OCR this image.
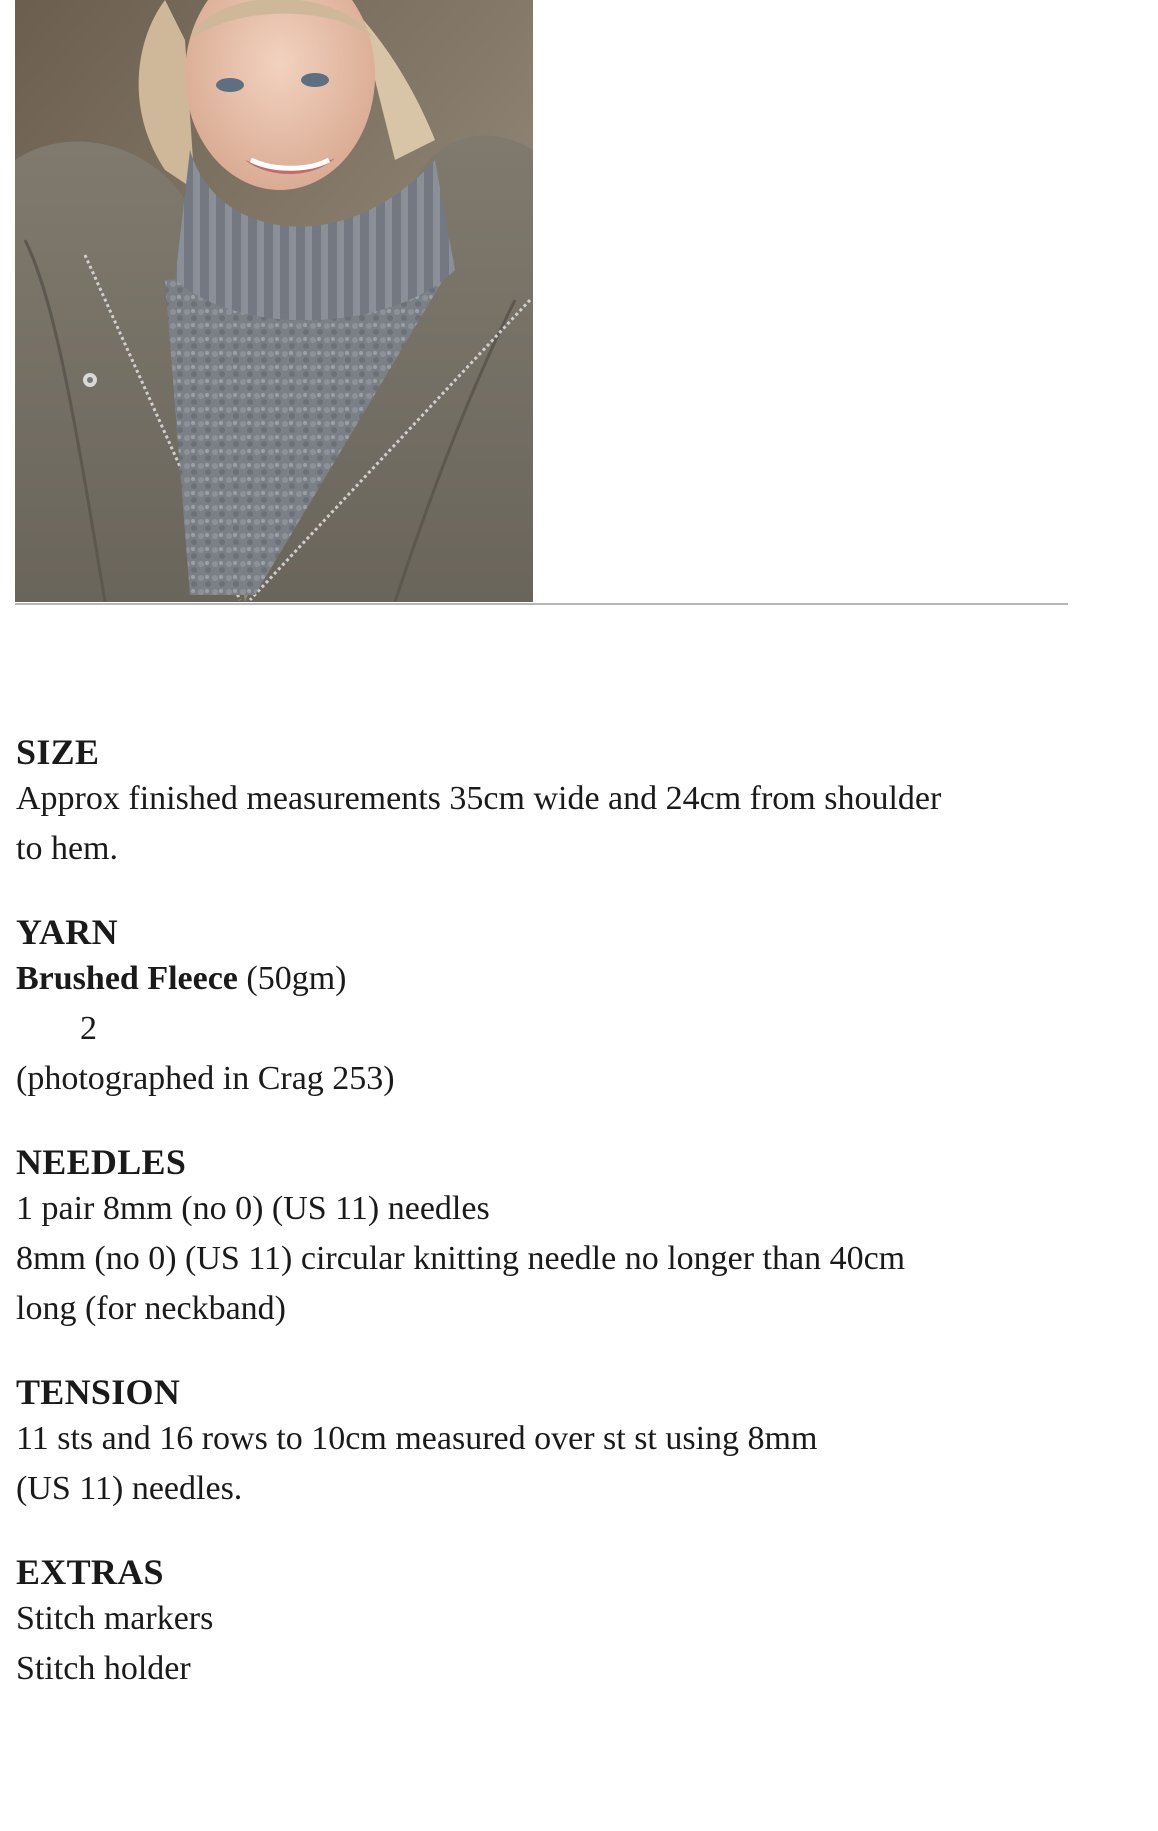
SIZE
Approx finished measurements 35cm wide and 24cm from shoulder
to hem.
YARN
Brushed Fleece (50gm)
2
(photographed in Crag 253)
NEEDLES
1 pair 8mm (no 0) (US 11) needles
8mm (no 0) (US 11) circular knitting needle no longer than 40cm
long (for neckband)
TENSION
11 sts and 16 rows to 10cm measured over st st using 8mm
(US 11) needles.
EXTRAS
Stitch markers
Stitch holder
